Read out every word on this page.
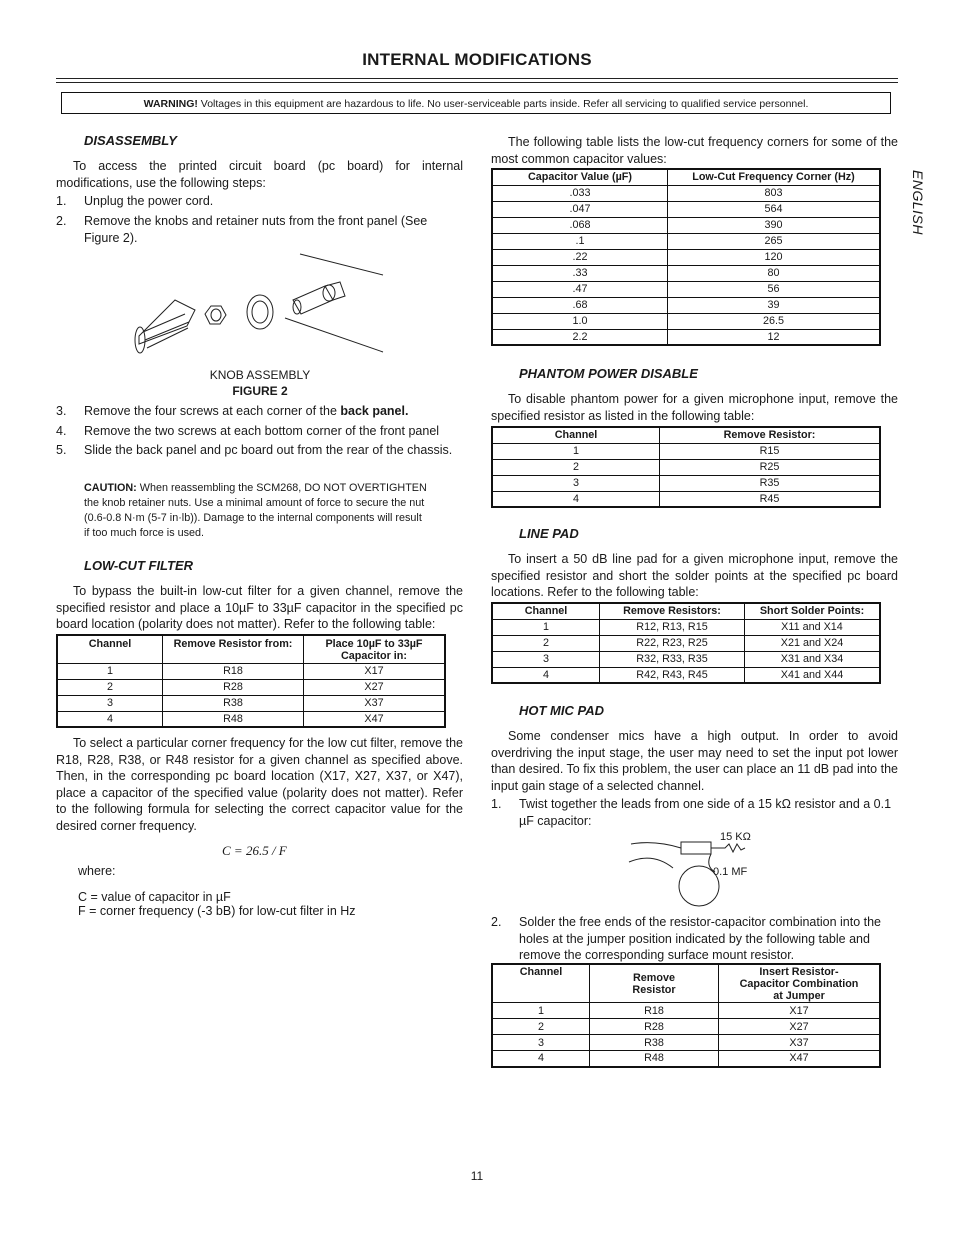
INTERNAL MODIFICATIONS
WARNING! Voltages in this equipment are hazardous to life. No user-serviceable parts inside. Refer all servicing to qualified service personnel.
ENGLISH
DISASSEMBLY

To access the printed circuit board (pc board) for internal modifications, use the following steps:

1. Unplug the power cord.
2. Remove the knobs and retainer nuts from the front panel (See Figure 2).
KNOB ASSEMBLY
FIGURE 2
3. Remove the four screws at each corner of the back panel.
4. Remove the two screws at each bottom corner of the front panel
5. Slide the back panel and pc board out from the rear of the chassis.
CAUTION: When reassembling the SCM268, DO NOT OVERTIGHTEN the knob retainer nuts. Use a minimal amount of force to secure the nut (0.6-0.8 N·m (5-7 in·lb)). Damage to the internal components will result if too much force is used.
LOW-CUT FILTER

To bypass the built-in low-cut filter for a given channel, remove the specified resistor and place a 10µF to 33µF capacitor in the specified pc board location (polarity does not matter). Refer to the following table:

Channel	Remove Resistor from:	Place 10µF to 33µF Capacitor in:
1	R18	X17
2	R28	X27
3	R38	X37
4	R48	X47

To select a particular corner frequency for the low cut filter, remove the R18, R28, R38, or R48 resistor for a given channel as specified above. Then, in the corresponding pc board location (X17, X27, X37, or X47), place a capacitor of the specified value (polarity does not matter). Refer to the following formula for selecting the correct capacitor value for the desired corner frequency.

C = 26.5 / F
where:
C = value of capacitor in µF
F = corner frequency (-3 bB) for low-cut filter in Hz

The following table lists the low-cut frequency corners for some of the most common capacitor values:

Capacitor Value (µF)	Low-Cut Frequency Corner (Hz)
.033	803
.047	564
.068	390
.1	265
.22	120
.33	80
.47	56
.68	39
1.0	26.5
2.2	12
PHANTOM POWER DISABLE

To disable phantom power for a given microphone input, remove the specified resistor as listed in the following table:

Channel	Remove Resistor:
1	R15
2	R25
3	R35
4	R45
LINE PAD

To insert a 50 dB line pad for a given microphone input, remove the specified resistor and short the solder points at the specified pc board locations. Refer to the following table:

Channel	Remove Resistors:	Short Solder Points:
1	R12, R13, R15	X11 and X14
2	R22, R23, R25	X21 and X24
3	R32, R33, R35	X31 and X34
4	R42, R43, R45	X41 and X44
HOT MIC PAD

Some condenser mics have a high output. In order to avoid overdriving the input stage, the user may need to set the input pot lower than desired. To fix this problem, the user can place an 11 dB pad into the input gain stage of a selected channel.

1. Twist together the leads from one side of a 15 kΩ resistor and a 0.1 µF capacitor:
15 KΩ
0.1 MF
2. Solder the free ends of the resistor-capacitor combination into the holes at the jumper position indicated by the following table and remove the corresponding surface mount resistor.
Channel	Remove Resistor	Insert Resistor-Capacitor Combination at Jumper
1	R18	X17
2	R28	X27
3	R38	X37
4	R48	X47
11
